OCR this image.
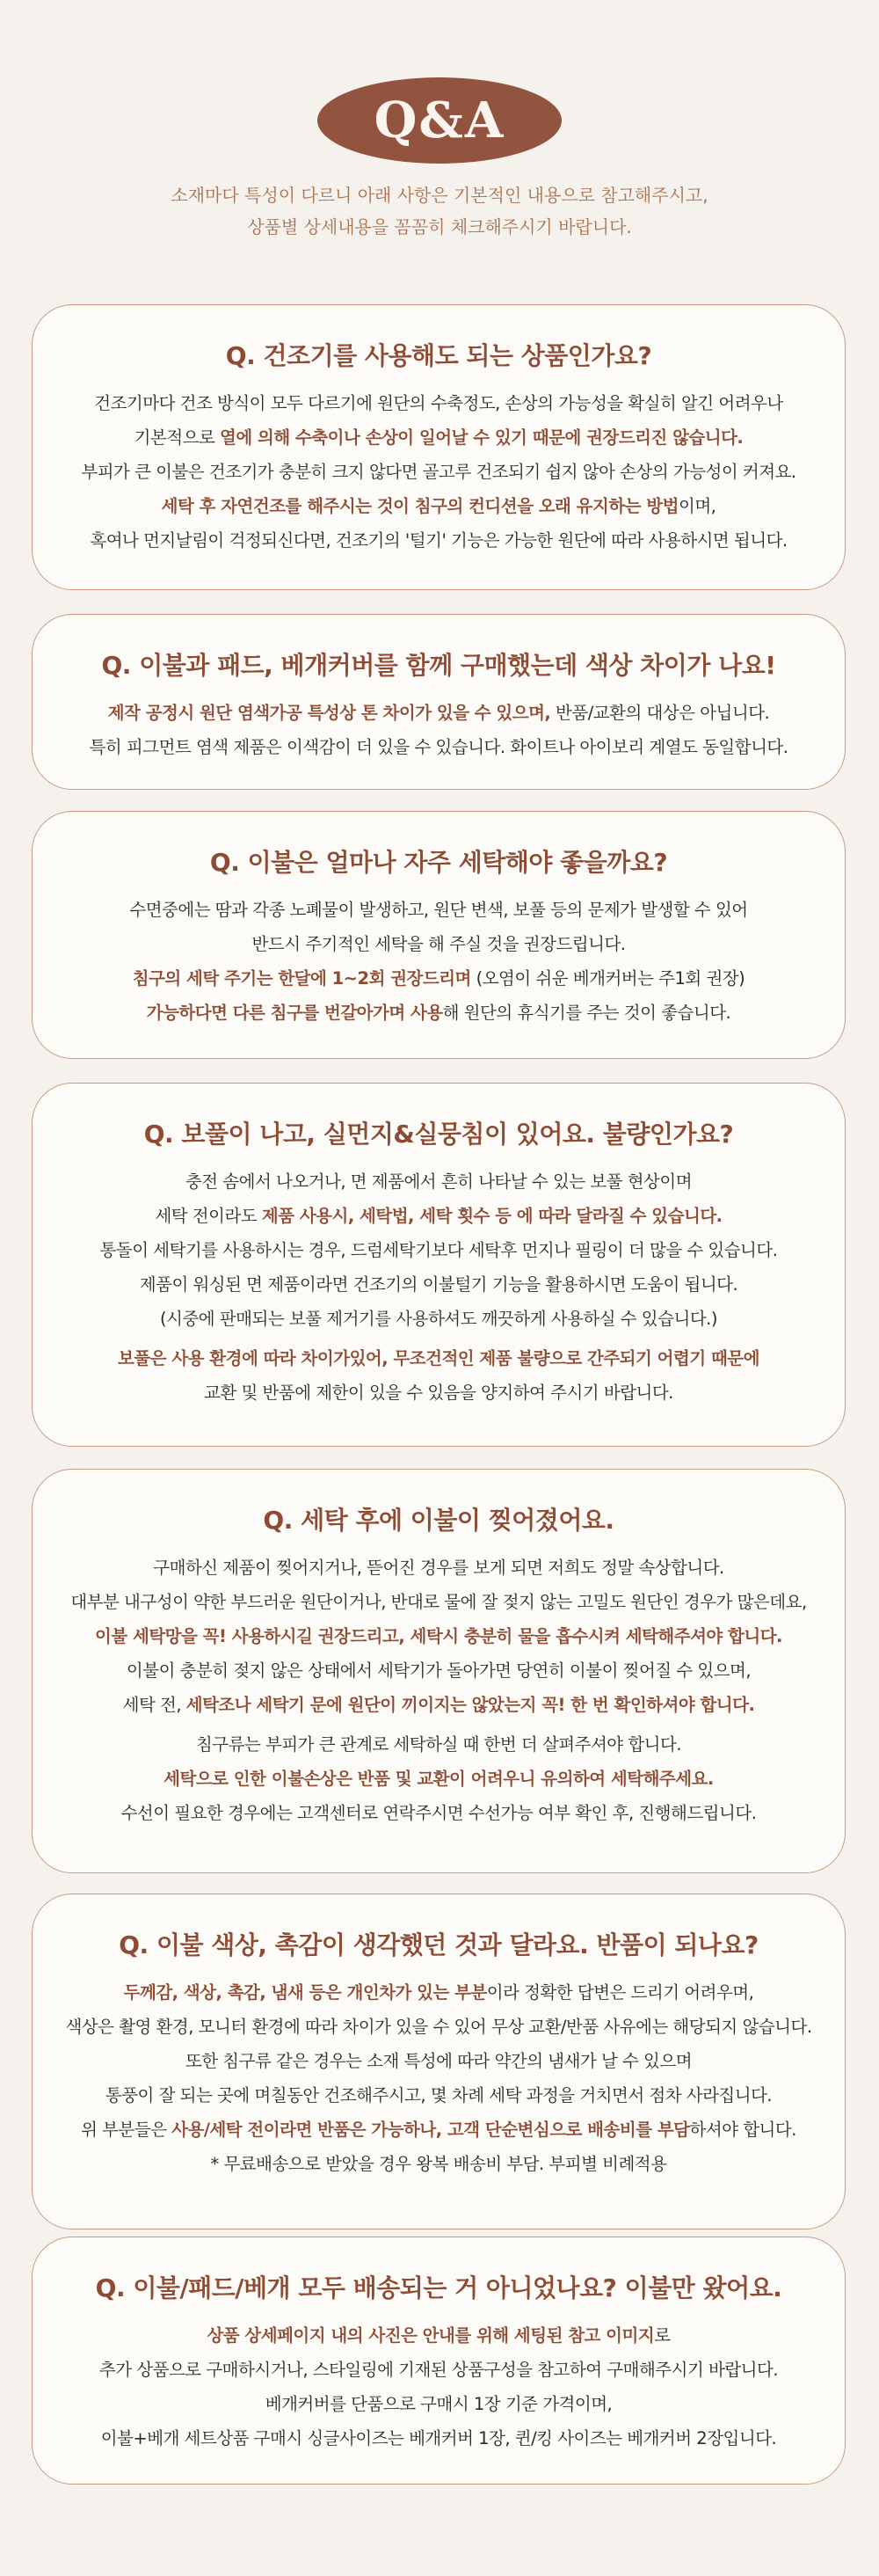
Q&A
소재마다 특성이 다르니 아래 사항은 기본적인 내용으로 참고해주시고,
상품별 상세내용을 꼼꼼히 체크해주시기 바랍니다.
Q. 건조기를 사용해도 되는 상품인가요?

건조기마다 건조 방식이 모두 다르기에 원단의 수축정도, 손상의 가능성을 확실히 알긴 어려우나

기본적으로 열에 의해 수축이나 손상이 일어날 수 있기 때문에 권장드리진 않습니다.

부피가 큰 이불은 건조기가 충분히 크지 않다면 골고루 건조되기 쉽지 않아 손상의 가능성이 커져요.

세탁 후 자연건조를 해주시는 것이 침구의 컨디션을 오래 유지하는 방법이며,

혹여나 먼지날림이 걱정되신다면, 건조기의 '털기' 기능은 가능한 원단에 따라 사용하시면 됩니다.

Q. 이불과 패드, 베개커버를 함께 구매했는데 색상 차이가 나요!

제작 공정시 원단 염색가공 특성상 톤 차이가 있을 수 있으며, 반품/교환의 대상은 아닙니다.

특히 피그먼트 염색 제품은 이색감이 더 있을 수 있습니다. 화이트나 아이보리 계열도 동일합니다.

Q. 이불은 얼마나 자주 세탁해야 좋을까요?

수면중에는 땀과 각종 노폐물이 발생하고, 원단 변색, 보풀 등의 문제가 발생할 수 있어

반드시 주기적인 세탁을 해 주실 것을 권장드립니다.

침구의 세탁 주기는 한달에 1~2회 권장드리며 (오염이 쉬운 베개커버는 주1회 권장)

가능하다면 다른 침구를 번갈아가며 사용해 원단의 휴식기를 주는 것이 좋습니다.

Q. 보풀이 나고, 실먼지&실뭉침이 있어요. 불량인가요?

충전 솜에서 나오거나, 면 제품에서 흔히 나타날 수 있는 보풀 현상이며

세탁 전이라도 제품 사용시, 세탁법, 세탁 횟수 등 에 따라 달라질 수 있습니다.

통돌이 세탁기를 사용하시는 경우, 드럼세탁기보다 세탁후 먼지나 필링이 더 많을 수 있습니다.

제품이 워싱된 면 제품이라면 건조기의 이불털기 기능을 활용하시면 도움이 됩니다.

(시중에 판매되는 보풀 제거기를 사용하셔도 깨끗하게 사용하실 수 있습니다.)

보풀은 사용 환경에 따라 차이가있어, 무조건적인 제품 불량으로 간주되기 어렵기 때문에

교환 및 반품에 제한이 있을 수 있음을 양지하여 주시기 바랍니다.

Q. 세탁 후에 이불이 찢어졌어요.

구매하신 제품이 찢어지거나, 뜯어진 경우를 보게 되면 저희도 정말 속상합니다.

대부분 내구성이 약한 부드러운 원단이거나, 반대로 물에 잘 젖지 않는 고밀도 원단인 경우가 많은데요,

이불 세탁망을 꼭! 사용하시길 권장드리고, 세탁시 충분히 물을 흡수시켜 세탁해주셔야 합니다.

이불이 충분히 젖지 않은 상태에서 세탁기가 돌아가면 당연히 이불이 찢어질 수 있으며,

세탁 전, 세탁조나 세탁기 문에 원단이 끼이지는 않았는지 꼭! 한 번 확인하셔야 합니다.

침구류는 부피가 큰 관계로 세탁하실 때 한번 더 살펴주셔야 합니다.

세탁으로 인한 이불손상은 반품 및 교환이 어려우니 유의하여 세탁해주세요.

수선이 필요한 경우에는 고객센터로 연락주시면 수선가능 여부 확인 후, 진행해드립니다.

Q. 이불 색상, 촉감이 생각했던 것과 달라요. 반품이 되나요?

두께감, 색상, 촉감, 냄새 등은 개인차가 있는 부분이라 정확한 답변은 드리기 어려우며,

색상은 촬영 환경, 모니터 환경에 따라 차이가 있을 수 있어 무상 교환/반품 사유에는 해당되지 않습니다.

또한 침구류 같은 경우는 소재 특성에 따라 약간의 냄새가 날 수 있으며

통풍이 잘 되는 곳에 며칠동안 건조해주시고, 몇 차례 세탁 과정을 거치면서 점차 사라집니다.

위 부분들은 사용/세탁 전이라면 반품은 가능하나, 고객 단순변심으로 배송비를 부담하셔야 합니다.

* 무료배송으로 받았을 경우 왕복 배송비 부담. 부피별 비례적용

Q. 이불/패드/베개 모두 배송되는 거 아니었나요? 이불만 왔어요.

상품 상세페이지 내의 사진은 안내를 위해 세팅된 참고 이미지로

추가 상품으로 구매하시거나, 스타일링에 기재된 상품구성을 참고하여 구매해주시기 바랍니다.

베개커버를 단품으로 구매시 1장 기준 가격이며,

이불+베개 세트상품 구매시 싱글사이즈는 베개커버 1장, 퀸/킹 사이즈는 베개커버 2장입니다.
